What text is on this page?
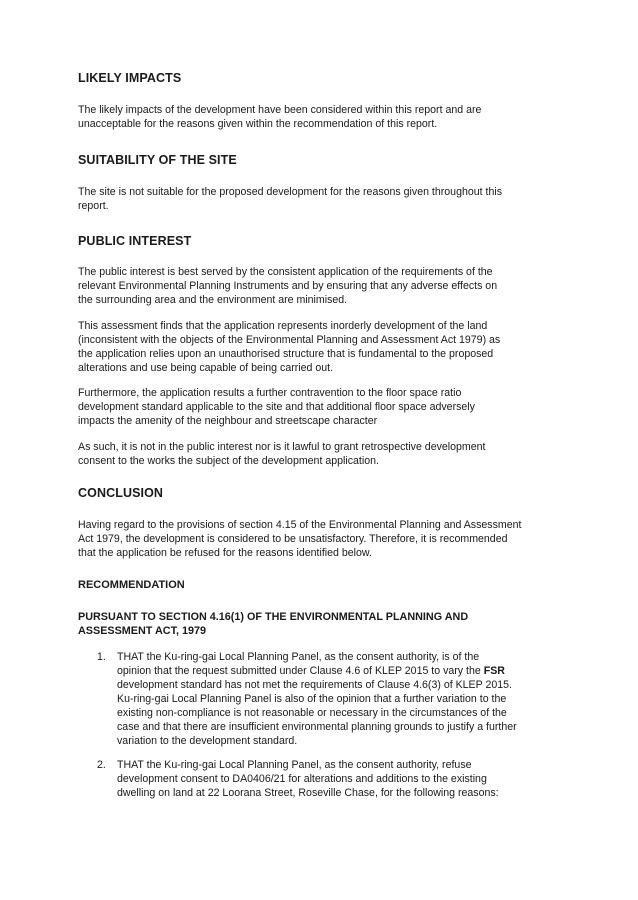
LIKELY IMPACTS
The likely impacts of the development have been considered within this report and are
unacceptable for the reasons given within the recommendation of this report.
SUITABILITY OF THE SITE
The site is not suitable for the proposed development for the reasons given throughout this
report.
PUBLIC INTEREST
The public interest is best served by the consistent application of the requirements of the
relevant Environmental Planning Instruments and by ensuring that any adverse effects on
the surrounding area and the environment are minimised.
This assessment finds that the application represents inorderly development of the land
(inconsistent with the objects of the Environmental Planning and Assessment Act 1979) as
the application relies upon an unauthorised structure that is fundamental to the proposed
alterations and use being capable of being carried out.
Furthermore, the application results a further contravention to the floor space ratio
development standard applicable to the site and that additional floor space adversely
impacts the amenity of the neighbour and streetscape character
As such, it is not in the public interest nor is it lawful to grant retrospective development
consent to the works the subject of the development application.
CONCLUSION
Having regard to the provisions of section 4.15 of the Environmental Planning and Assessment
Act 1979, the development is considered to be unsatisfactory. Therefore, it is recommended
that the application be refused for the reasons identified below.
RECOMMENDATION
PURSUANT TO SECTION 4.16(1) OF THE ENVIRONMENTAL PLANNING AND
ASSESSMENT ACT, 1979
1. THAT the Ku-ring-gai Local Planning Panel, as the consent authority, is of the
opinion that the request submitted under Clause 4.6 of KLEP 2015 to vary the FSR
development standard has not met the requirements of Clause 4.6(3) of KLEP 2015.
Ku-ring-gai Local Planning Panel is also of the opinion that a further variation to the
existing non-compliance is not reasonable or necessary in the circumstances of the
case and that there are insufficient environmental planning grounds to justify a further
variation to the development standard.
2. THAT the Ku-ring-gai Local Planning Panel, as the consent authority, refuse
development consent to DA0406/21 for alterations and additions to the existing
dwelling on land at 22 Loorana Street, Roseville Chase, for the following reasons:
